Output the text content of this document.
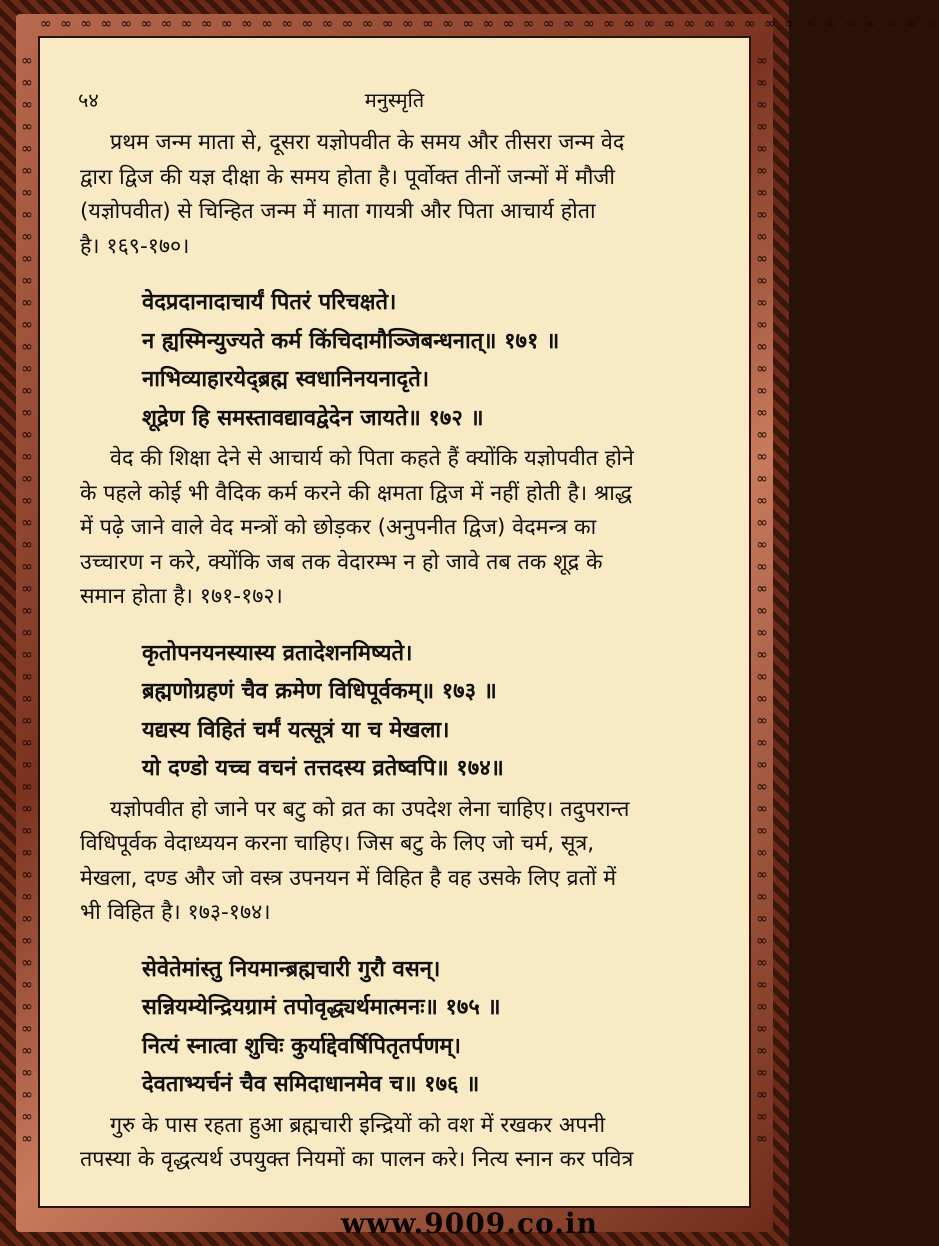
∞ ∞ ∞ ∞ ∞ ∞ ∞ ∞ ∞ ∞ ∞ ∞ ∞ ∞ ∞ ∞ ∞ ∞ ∞ ∞ ∞ ∞ ∞ ∞ ∞ ∞ ∞ ∞ ∞ ∞ ∞ ∞ ∞ ∞ ∞ ∞ ∞ ∞ ∞ ∞ ∞ ∞ ∞ ∞ ∞
∞
∞
∞
∞
∞
∞
∞
∞
∞
∞
∞
∞
∞
∞
∞
∞
∞
∞
∞
∞
∞
∞
∞
∞
∞
∞
∞
∞
∞
∞
∞
∞
∞
∞
∞
∞
∞
∞
∞
∞
∞
∞
∞
∞
∞
∞
∞
∞
∞
∞
∞
∞
∞
∞
∞
∞
∞
∞
∞
∞
∞
∞
∞
∞
∞
∞
∞
∞
∞
∞
∞
∞
∞
∞
∞
∞
∞
∞
∞
∞
∞
∞
∞
∞
∞
∞
∞
∞
∞
∞
∞
∞
∞
∞
∞
∞
∞
∞
∞
∞
५४	मनुस्मृति
प्रथम जन्म माता से, दूसरा यज्ञोपवीत के समय और तीसरा जन्म वेद
द्वारा द्विज की यज्ञ दीक्षा के समय होता है। पूर्वोक्त तीनों जन्मों में मौजी
(यज्ञोपवीत) से चिन्हित जन्म में माता गायत्री और पिता आचार्य होता
है। १६९-१७०।
वेदप्रदानादाचार्यं पितरं परिचक्षते।
न ह्यस्मिन्युज्यते कर्म किंचिदामौञ्जिबन्धनात्॥ १७१ ॥
नाभिव्याहारयेद्ब्रह्म स्वधानिनयनादृते।
शूद्रेण हि समस्तावद्यावद्वेदेन जायते॥ १७२ ॥
वेद की शिक्षा देने से आचार्य को पिता कहते हैं क्योंकि यज्ञोपवीत होने
के पहले कोई भी वैदिक कर्म करने की क्षमता द्विज में नहीं होती है। श्राद्ध
में पढ़े जाने वाले वेद मन्त्रों को छोड़कर (अनुपनीत द्विज) वेदमन्त्र का
उच्चारण न करे, क्योंकि जब तक वेदारम्भ न हो जावे तब तक शूद्र के
समान होता है। १७१-१७२।
कृतोपनयनस्यास्य व्रतादेशनमिष्यते।
ब्रह्मणोग्रहणं चैव क्रमेण विधिपूर्वकम्॥ १७३ ॥
यद्यस्य विहितं चर्मं यत्सूत्रं या च मेखला।
यो दण्डो यच्च वचनं तत्तदस्य व्रतेष्वपि॥ १७४॥
यज्ञोपवीत हो जाने पर बटु को व्रत का उपदेश लेना चाहिए। तदुपरान्त
विधिपूर्वक वेदाध्ययन करना चाहिए। जिस बटु के लिए जो चर्म, सूत्र,
मेखला, दण्ड और जो वस्त्र उपनयन में विहित है वह उसके लिए व्रतों में
भी विहित है। १७३-१७४।
सेवेतेमांस्तु नियमान्ब्रह्मचारी गुरौ वसन्।
सन्नियम्येन्द्रियग्रामं तपोवृद्ध्यर्थमात्मनः॥ १७५ ॥
नित्यं स्नात्वा शुचिः कुर्याद्देवर्षिपितृतर्पणम्।
देवताभ्यर्चनं चैव समिदाधानमेव च॥ १७६ ॥
गुरु के पास रहता हुआ ब्रह्मचारी इन्द्रियों को वश में रखकर अपनी
तपस्या के वृद्धत्यर्थ उपयुक्त नियमों का पालन करे। नित्य स्नान कर पवित्र
www.9009.co.in
